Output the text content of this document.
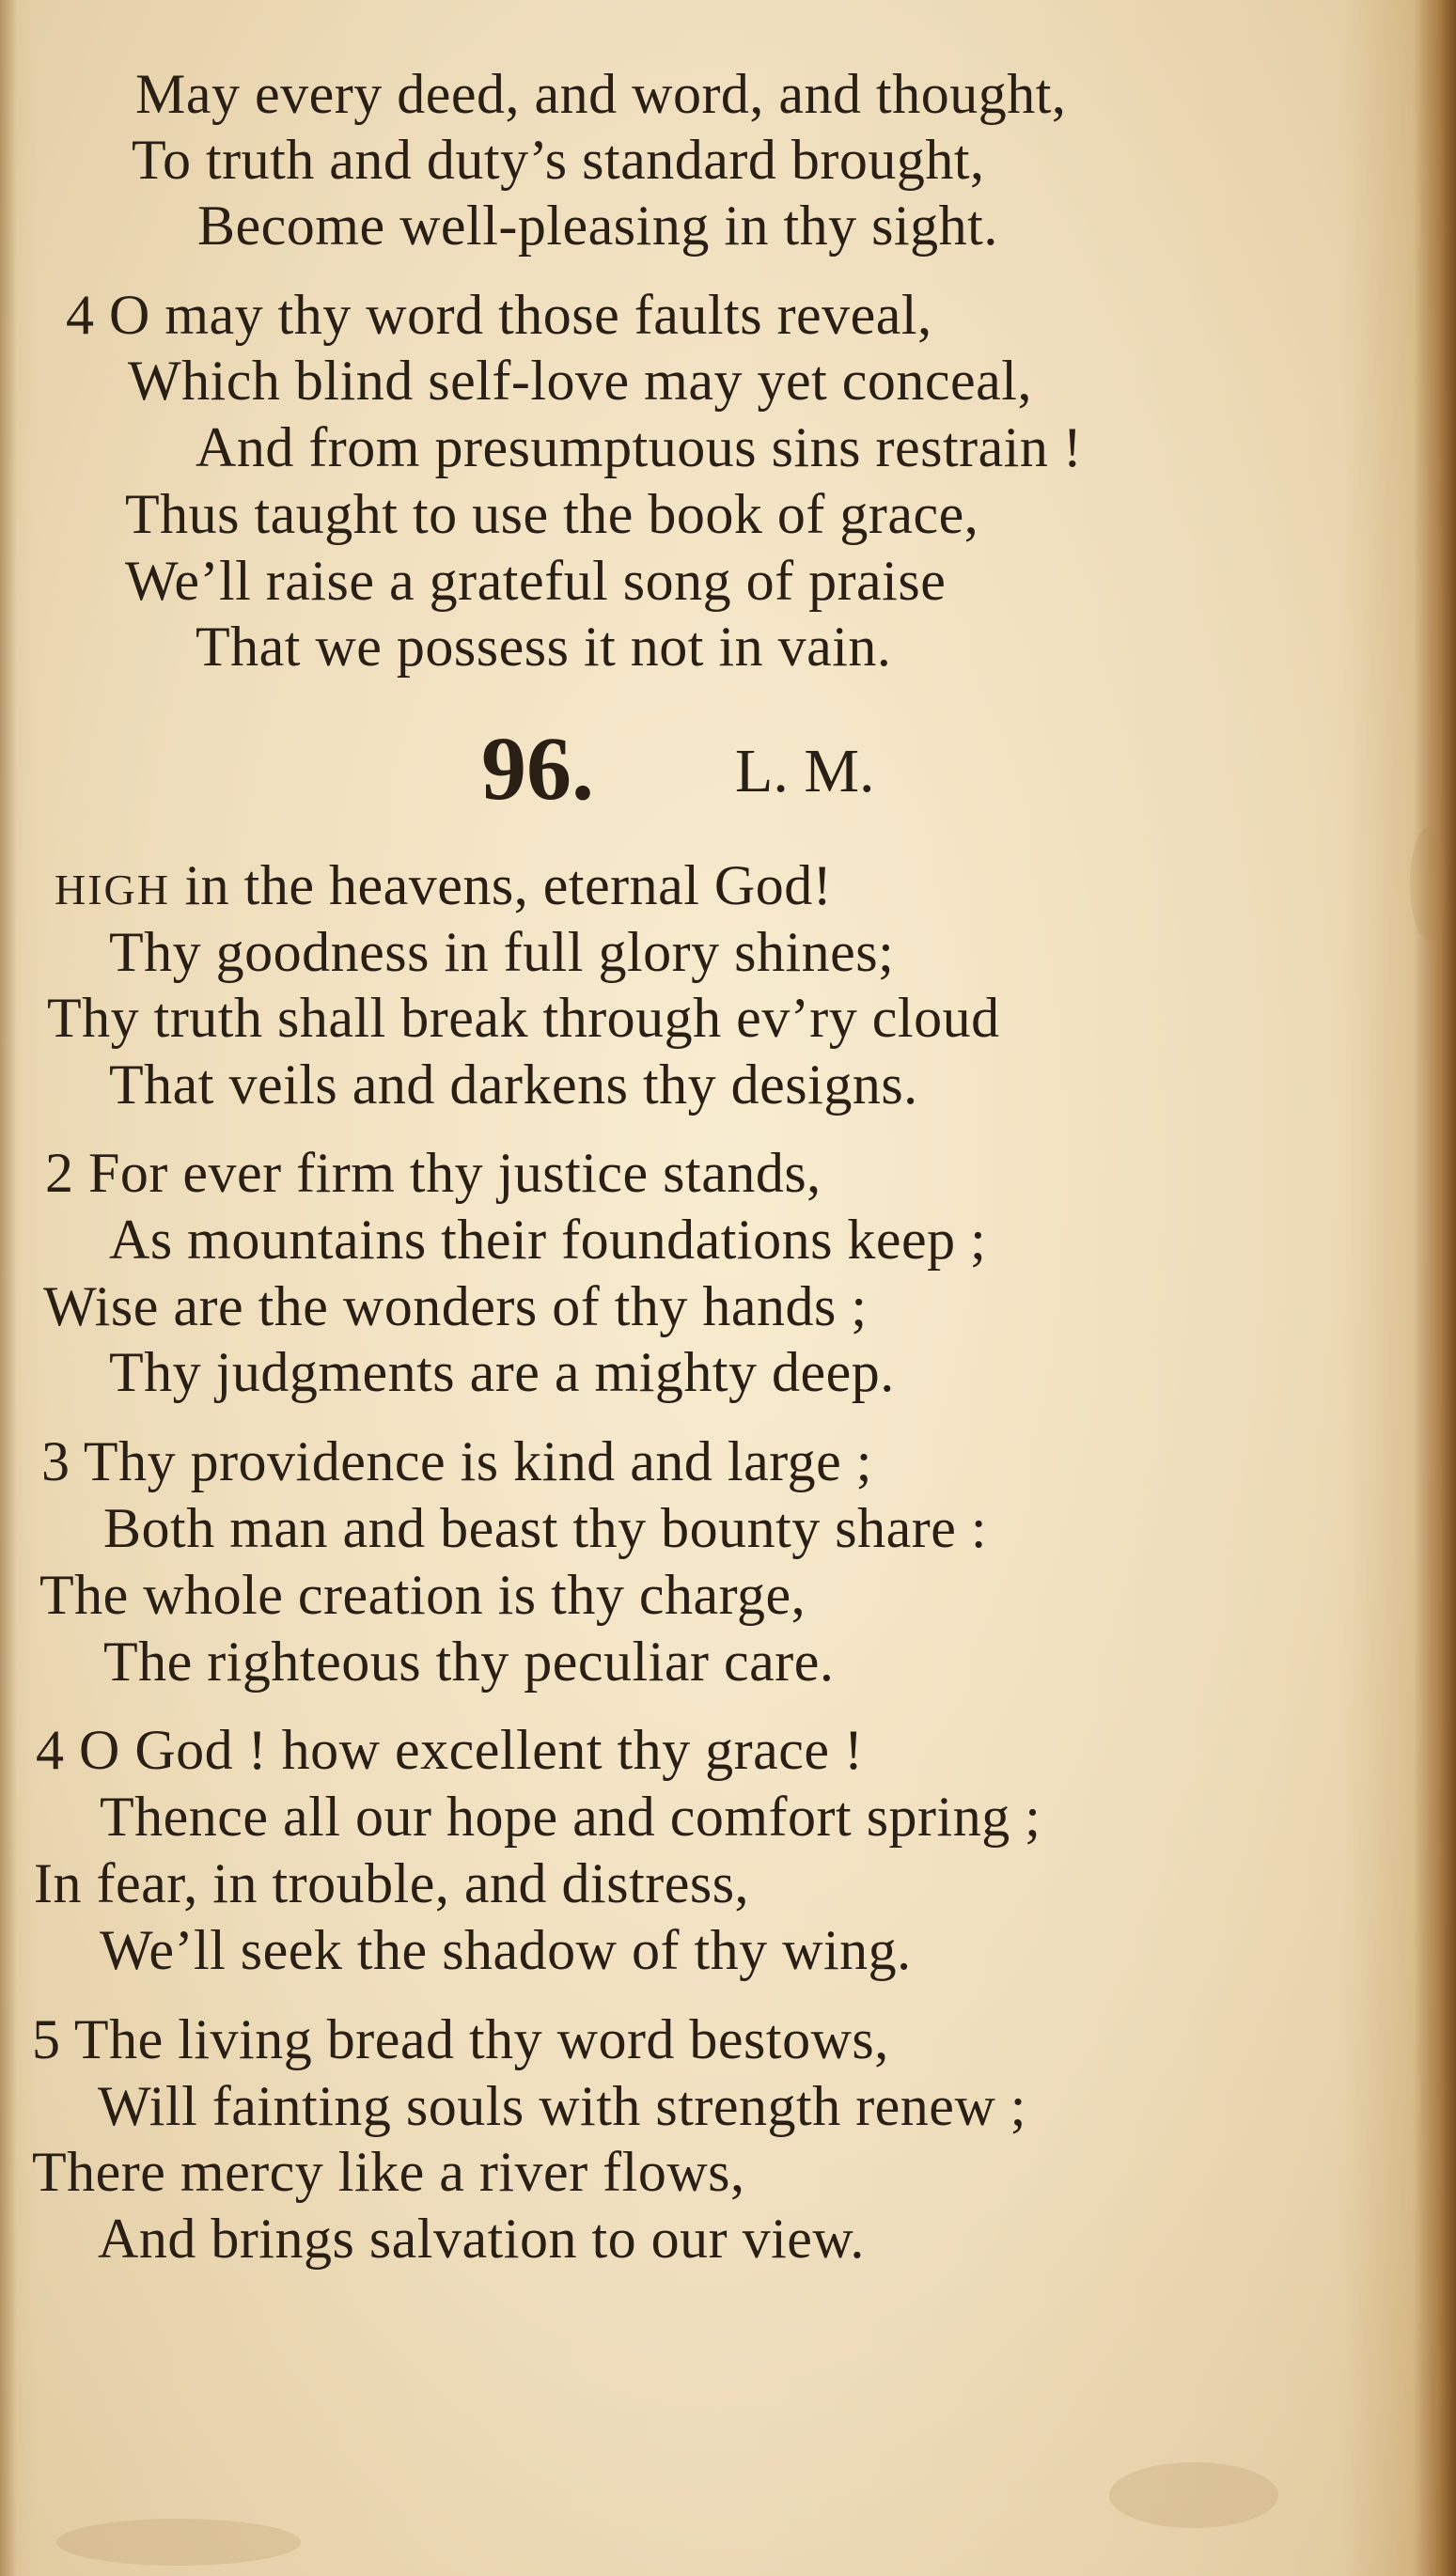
May every deed, and word, and thought,
To truth and duty’s standard brought,
Become well-pleasing in thy sight.
4 O may thy word those faults reveal,
Which blind self-love may yet conceal,
And from presumptuous sins restrain !
Thus taught to use the book of grace,
We’ll raise a grateful song of praise
That we possess it not in vain.
96. L. M.
HIGH in the heavens, eternal God!
Thy goodness in full glory shines;
Thy truth shall break through ev’ry cloud
That veils and darkens thy designs.
2 For ever firm thy justice stands,
As mountains their foundations keep ;
Wise are the wonders of thy hands ;
Thy judgments are a mighty deep.
3 Thy providence is kind and large ;
Both man and beast thy bounty share :
The whole creation is thy charge,
The righteous thy peculiar care.
4 O God ! how excellent thy grace !
Thence all our hope and comfort spring ;
In fear, in trouble, and distress,
We’ll seek the shadow of thy wing.
5 The living bread thy word bestows,
Will fainting souls with strength renew ;
There mercy like a river flows,
And brings salvation to our view.
